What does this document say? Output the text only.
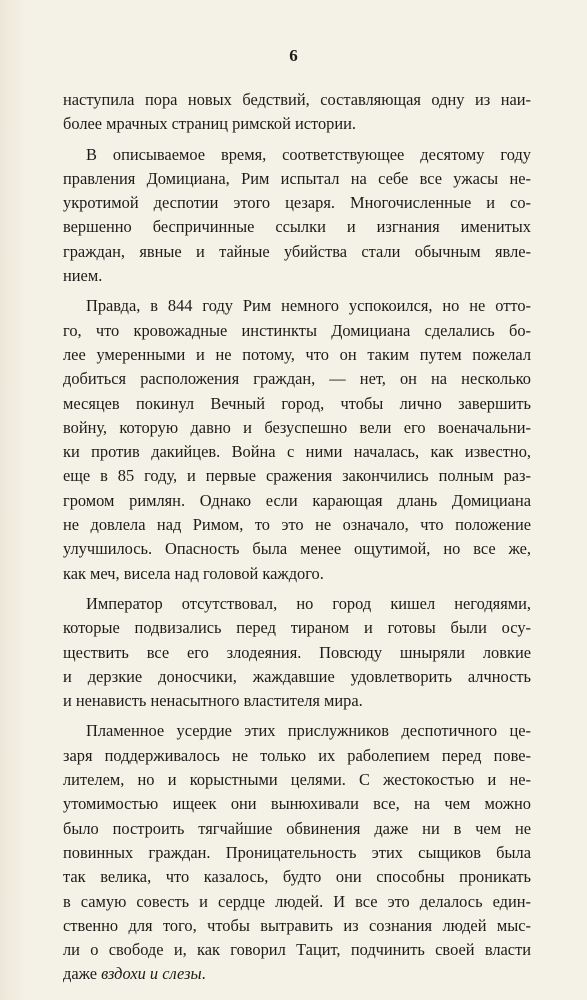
6

наступила пора новых бедствий, составляющая одну из наи-
более мрачных страниц римской истории.

В описываемое время, соответствующее десятому году
правления Домициана, Рим испытал на себе все ужасы не-
укротимой деспотии этого цезаря. Многочисленные и со-
вершенно беспричинные ссылки и изгнания именитых
граждан, явные и тайные убийства стали обычным явле-
нием.

Правда, в 844 году Рим немного успокоился, но не отто-
го, что кровожадные инстинкты Домициана сделались бо-
лее умеренными и не потому, что он таким путем пожелал
добиться расположения граждан, — нет, он на несколько
месяцев покинул Вечный город, чтобы лично завершить
войну, которую давно и безуспешно вели его военачальни-
ки против дакийцев. Война с ними началась, как известно,
еще в 85 году, и первые сражения закончились полным раз-
громом римлян. Однако если карающая длань Домициана
не довлела над Римом, то это не означало, что положение
улучшилось. Опасность была менее ощутимой, но все же,
как меч, висела над головой каждого.

Император отсутствовал, но город кишел негодяями,
которые подвизались перед тираном и готовы были осу-
ществить все его злодеяния. Повсюду шныряли ловкие
и дерзкие доносчики, жаждавшие удовлетворить алчность
и ненависть ненасытного властителя мира.

Пламенное усердие этих прислужников деспотичного це-
заря поддерживалось не только их раболепием перед пове-
лителем, но и корыстными целями. С жестокостью и не-
утомимостью ищеек они вынюхивали все, на чем можно
было построить тягчайшие обвинения даже ни в чем не
повинных граждан. Проницательность этих сыщиков была
так велика, что казалось, будто они способны проникать
в самую совесть и сердце людей. И все это делалось един-
ственно для того, чтобы вытравить из сознания людей мыс-
ли о свободе и, как говорил Тацит, подчинить своей власти
даже вздохи и слезы.
